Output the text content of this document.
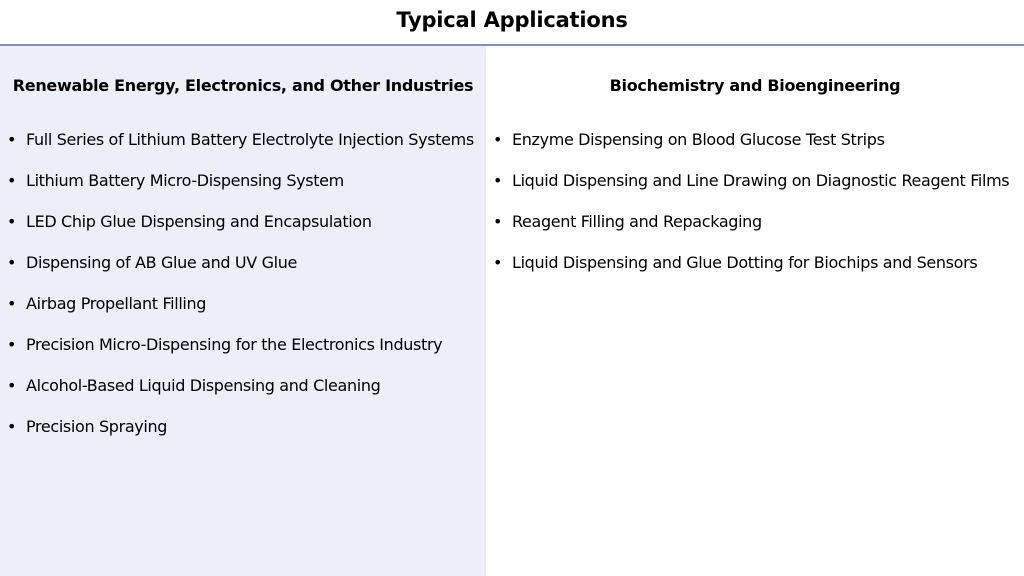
Typical Applications
Renewable Energy, Electronics, and Other Industries
• Full Series of Lithium Battery Electrolyte Injection Systems
• Lithium Battery Micro-Dispensing System
• LED Chip Glue Dispensing and Encapsulation
• Dispensing of AB Glue and UV Glue
• Airbag Propellant Filling
• Precision Micro-Dispensing for the Electronics Industry
• Alcohol-Based Liquid Dispensing and Cleaning
• Precision Spraying
Biochemistry and Bioengineering
• Enzyme Dispensing on Blood Glucose Test Strips
• Liquid Dispensing and Line Drawing on Diagnostic Reagent Films
• Reagent Filling and Repackaging
• Liquid Dispensing and Glue Dotting for Biochips and Sensors
